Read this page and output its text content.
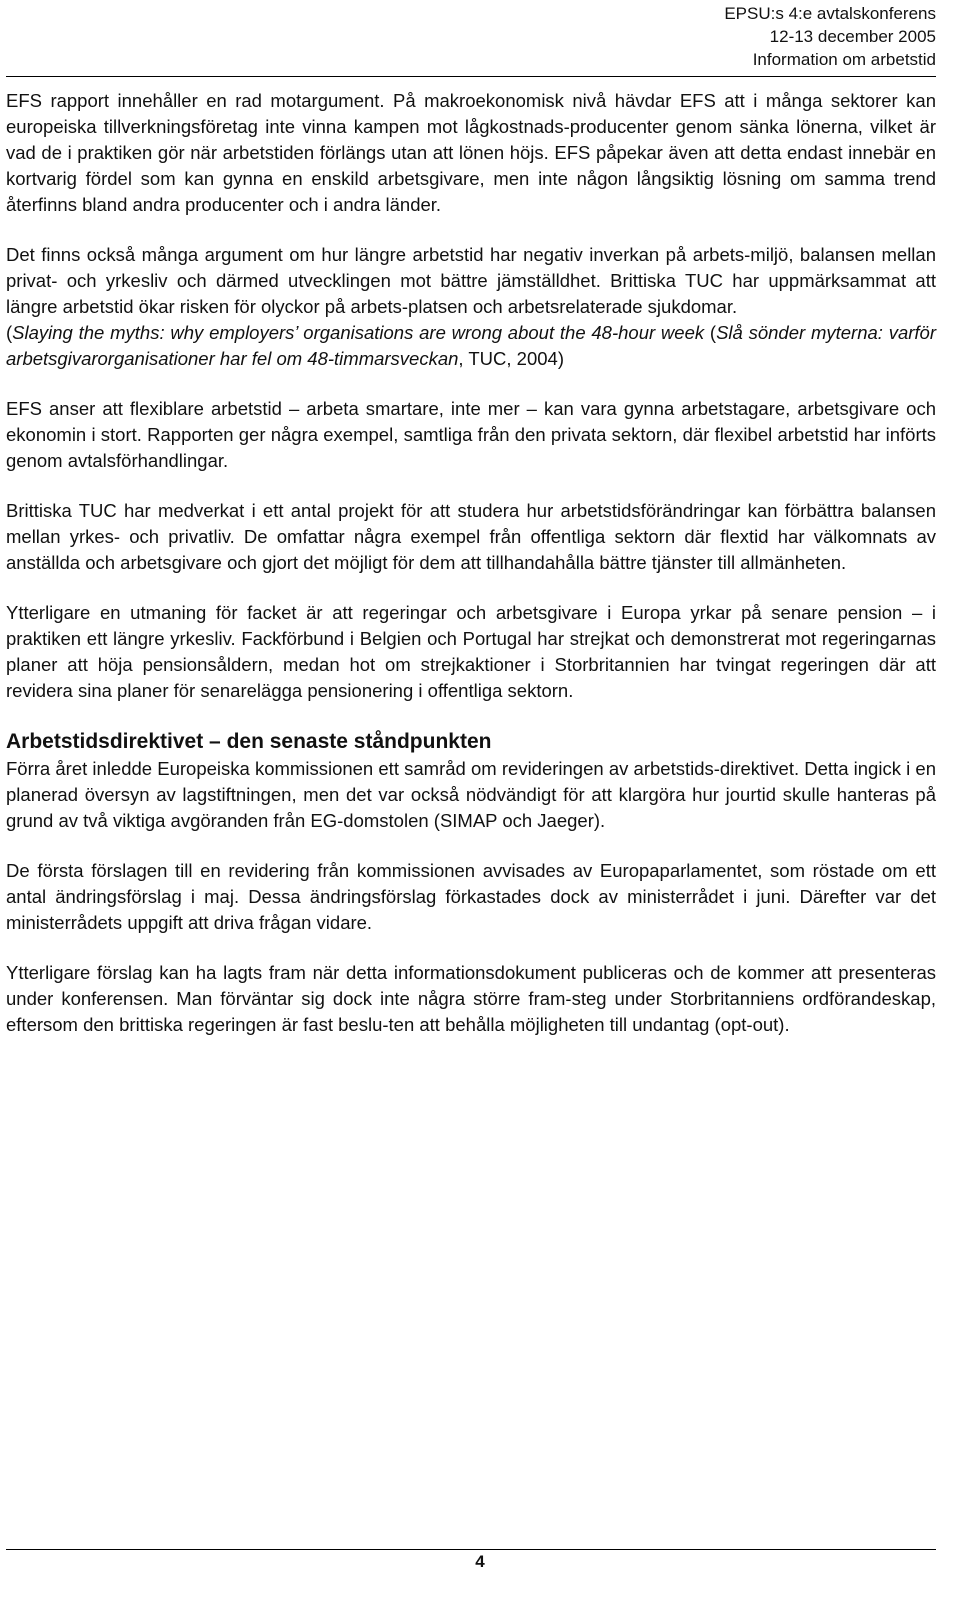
EPSU:s 4:e avtalskonferens
12-13 december 2005
Information om arbetstid

EFS rapport innehåller en rad motargument. På makroekonomisk nivå hävdar EFS att i många sektorer kan europeiska tillverkningsföretag inte vinna kampen mot lågkostnads-producenter genom sänka lönerna, vilket är vad de i praktiken gör när arbetstiden förlängs utan att lönen höjs. EFS påpekar även att detta endast innebär en kortvarig fördel som kan gynna en enskild arbetsgivare, men inte någon långsiktig lösning om samma trend återfinns bland andra producenter och i andra länder.

Det finns också många argument om hur längre arbetstid har negativ inverkan på arbets-miljö, balansen mellan privat- och yrkesliv och därmed utvecklingen mot bättre jämställdhet. Brittiska TUC har uppmärksammat att längre arbetstid ökar risken för olyckor på arbets-platsen och arbetsrelaterade sjukdomar.

(Slaying the myths: why employers’ organisations are wrong about the 48-hour week (Slå sönder myterna: varför arbetsgivarorganisationer har fel om 48-timmarsveckan, TUC, 2004)

EFS anser att flexiblare arbetstid – arbeta smartare, inte mer – kan vara gynna arbetstagare, arbetsgivare och ekonomin i stort. Rapporten ger några exempel, samtliga från den privata sektorn, där flexibel arbetstid har införts genom avtalsförhandlingar.

Brittiska TUC har medverkat i ett antal projekt för att studera hur arbetstidsförändringar kan förbättra balansen mellan yrkes- och privatliv. De omfattar några exempel från offentliga sektorn där flextid har välkomnats av anställda och arbetsgivare och gjort det möjligt för dem att tillhandahålla bättre tjänster till allmänheten.

Ytterligare en utmaning för facket är att regeringar och arbetsgivare i Europa yrkar på senare pension – i praktiken ett längre yrkesliv. Fackförbund i Belgien och Portugal har strejkat och demonstrerat mot regeringarnas planer att höja pensionsåldern, medan hot om strejkaktioner i Storbritannien har tvingat regeringen där att revidera sina planer för senarelägga pensionering i offentliga sektorn.

Arbetstidsdirektivet – den senaste ståndpunkten

Förra året inledde Europeiska kommissionen ett samråd om revideringen av arbetstids-direktivet. Detta ingick i en planerad översyn av lagstiftningen, men det var också nödvändigt för att klargöra hur jourtid skulle hanteras på grund av två viktiga avgöranden från EG-domstolen (SIMAP och Jaeger).

De första förslagen till en revidering från kommissionen avvisades av Europaparlamentet, som röstade om ett antal ändringsförslag i maj. Dessa ändringsförslag förkastades dock av ministerrådet i juni. Därefter var det ministerrådets uppgift att driva frågan vidare.

Ytterligare förslag kan ha lagts fram när detta informationsdokument publiceras och de kommer att presenteras under konferensen. Man förväntar sig dock inte några större fram-steg under Storbritanniens ordförandeskap, eftersom den brittiska regeringen är fast beslu-ten att behålla möjligheten till undantag (opt-out).

4
